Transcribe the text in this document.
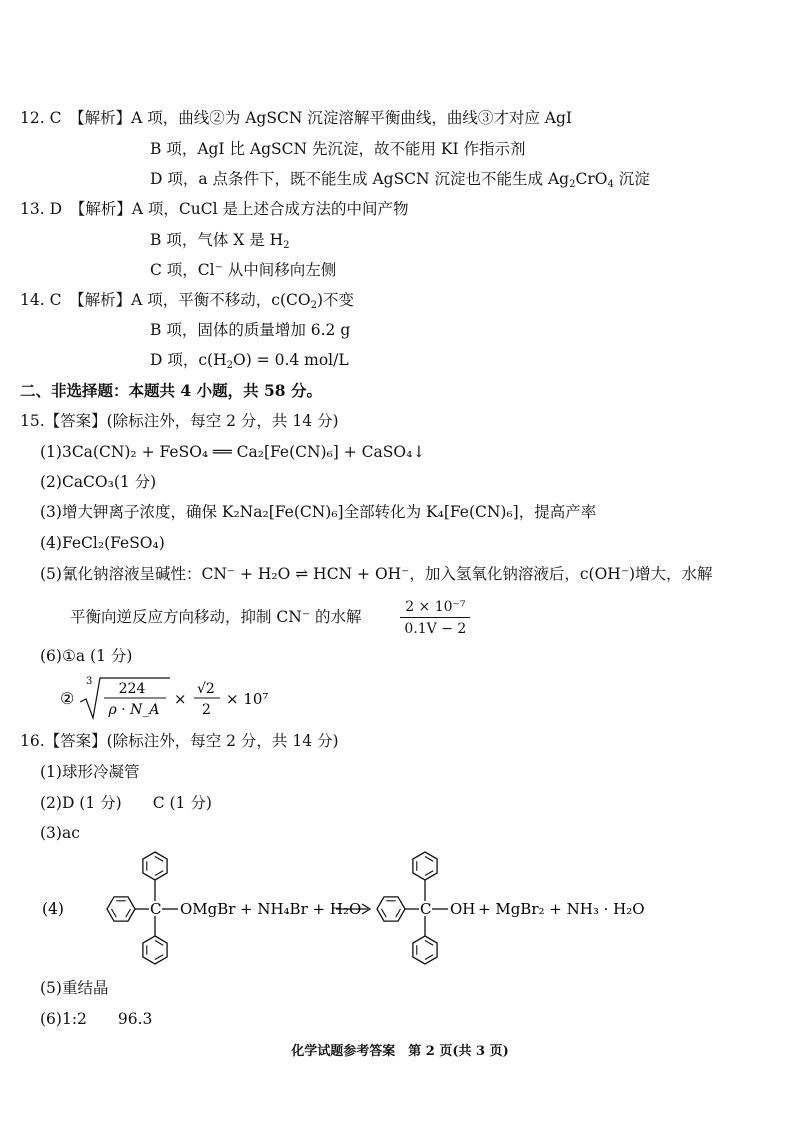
12. C　【解析】A 项，曲线②为 AgSCN 沉淀溶解平衡曲线，曲线③才对应 AgI
B 项，AgI 比 AgSCN 先沉淀，故不能用 KI 作指示剂
D 项，a 点条件下，既不能生成 AgSCN 沉淀也不能生成 $Ag_2CrO_4$ 沉淀
13. D　【解析】A 项，CuCl 是上述合成方法的中间产物
B 项，气体 X 是 $H_2$
C 项，Cl⁻ 从中间移向左侧
14. C　【解析】A 项，平衡不移动，$c(CO_2)$不变
B 项，固体的质量增加 6.2 g
D 项，$c(H_2O) = 0.4$ mol/L
二、非选择题：本题共 4 小题，共 58 分。
15.【答案】(除标注外，每空 2 分，共 14 分)
(1)3Ca(CN)₂ + FeSO₄ ══ Ca₂[Fe(CN)₆] + CaSO₄↓
(2)CaCO₃(1 分)
(3)增大钾离子浓度，确保 K₂Na₂[Fe(CN)₆]全部转化为 K₄[Fe(CN)₆]，提高产率
(4)FeCl₂(FeSO₄)
(5)氰化钠溶液呈碱性：CN⁻ + H₂O ⇌ HCN + OH⁻，加入氢氧化钠溶液后，c(OH⁻)增大，水解
平衡向逆反应方向移动，抑制 CN⁻ 的水解	$\frac{\text{2 × 10⁻⁷}}{0.1V - 2}$
(6)①a (1 分)
②
3 224
ρ · N_A
×
√2
2
× 10⁷
16.【答案】(除标注外，每空 2 分，共 14 分)
(1)球形冷凝管
(2)D (1 分)　　C (1 分)
(3)ac
(4)	C OMgBr + NH₄Br + H₂O	C OH + MgBr₂ + NH₃ · H₂O
(5)重结晶
(6)1:2　　96.3
化学试题参考答案　第 2 页(共 3 页)
